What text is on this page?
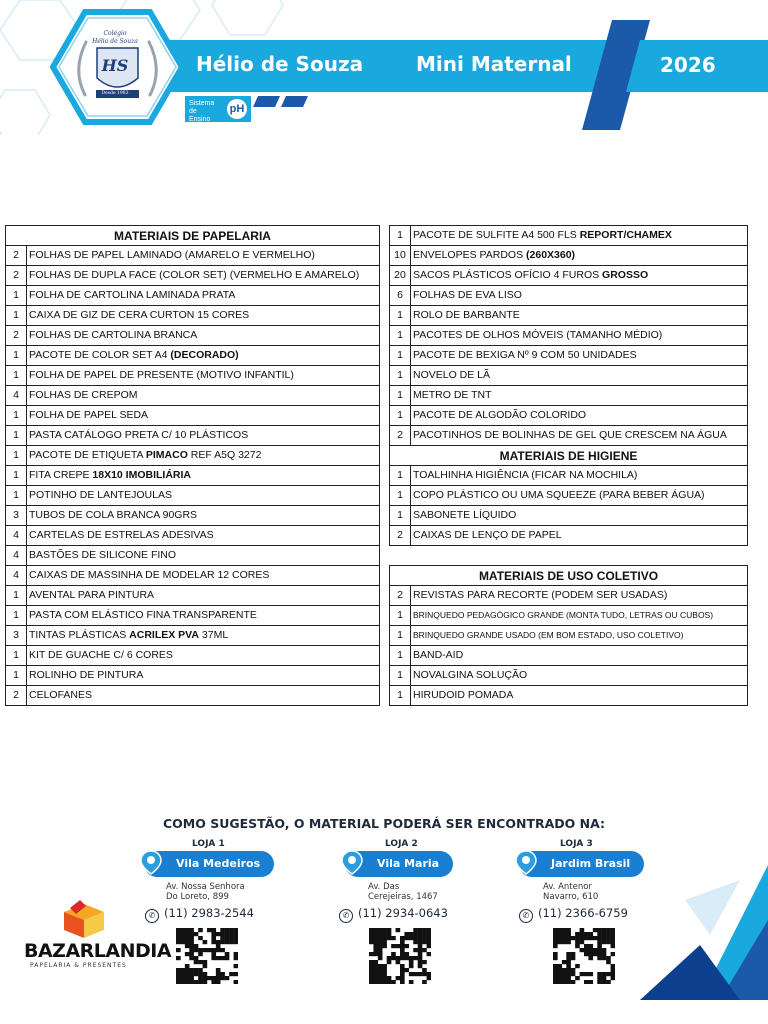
Colégio
Hélio de Souza
HS
Desde 1983
Hélio de Souza	Mini Maternal	2026
Sistema de Ensino
pH
MATERIAIS DE PAPELARIA	
2	FOLHAS DE PAPEL LAMINADO (AMARELO E VERMELHO)
2	FOLHAS DE DUPLA FACE (COLOR SET) (VERMELHO E AMARELO)
1	FOLHA DE CARTOLINA LAMINADA PRATA
1	CAIXA DE GIZ DE CERA CURTON 15 CORES
2	FOLHAS DE CARTOLINA BRANCA
1	PACOTE DE COLOR SET A4 (DECORADO)
1	FOLHA DE PAPEL DE PRESENTE (MOTIVO INFANTIL)
4	FOLHAS DE CREPOM
1	FOLHA DE PAPEL SEDA
1	PASTA CATÁLOGO PRETA C/ 10 PLÁSTICOS
1	PACOTE DE ETIQUETA PIMACO REF A5Q 3272
1	FITA CREPE 18X10 IMOBILIÁRIA
1	POTINHO DE LANTEJOULAS
3	TUBOS DE COLA BRANCA 90GRS
4	CARTELAS DE ESTRELAS ADESIVAS
4	BASTÕES DE SILICONE FINO
4	CAIXAS DE MASSINHA DE MODELAR 12 CORES
1	AVENTAL PARA PINTURA
1	PASTA COM ELÁSTICO FINA TRANSPARENTE
3	TINTAS PLÁSTICAS ACRILEX PVA 37ML
1	KIT DE GUACHE C/ 6 CORES
1	ROLINHO DE PINTURA
2	CELOFANES
1	PACOTE DE SULFITE A4 500 FLS REPORT/CHAMEX
10	ENVELOPES PARDOS (260X360)
20	SACOS PLÁSTICOS OFÍCIO 4 FUROS GROSSO
6	FOLHAS DE EVA LISO
1	ROLO DE BARBANTE
1	PACOTES DE OLHOS MÓVEIS (TAMANHO MÉDIO)
1	PACOTE DE BEXIGA Nº 9 COM 50 UNIDADES
1	NOVELO DE LÃ
1	METRO DE TNT
1	PACOTE DE ALGODÃO COLORIDO
2	PACOTINHOS DE BOLINHAS DE GEL QUE CRESCEM NA ÁGUA
MATERIAIS DE HIGIENE	
1	TOALHINHA HIGIÊNCIA (FICAR NA MOCHILA)
1	COPO PLÁSTICO OU UMA SQUEEZE (PARA BEBER ÁGUA)
1	SABONETE LÍQUIDO
2	CAIXAS DE LENÇO DE PAPEL
MATERIAIS DE USO COLETIVO	
2	REVISTAS PARA RECORTE (PODEM SER USADAS)
1	BRINQUEDO PEDAGÓGICO GRANDE (MONTA TUDO, LETRAS OU CUBOS)
1	BRINQUEDO GRANDE USADO (EM BOM ESTADO, USO COLETIVO)
1	BAND-AID
1	NOVALGINA SOLUÇÃO
1	HIRUDOID POMADA
COMO SUGESTÃO, O MATERIAL PODERÁ SER ENCONTRADO NA:
LOJA 1
Vila Medeiros
Av. Nossa Senhora
Do Loreto, 899
✆ (11) 2983-2544
LOJA 2
Vila Maria
Av. Das
Cerejeiras, 1467
✆ (11) 2934-0643
LOJA 3
Jardim Brasil
Av. Antenor
Navarro, 610
✆ (11) 2366-6759
BAZARLANDIA
PAPELARIA & PRESENTES
